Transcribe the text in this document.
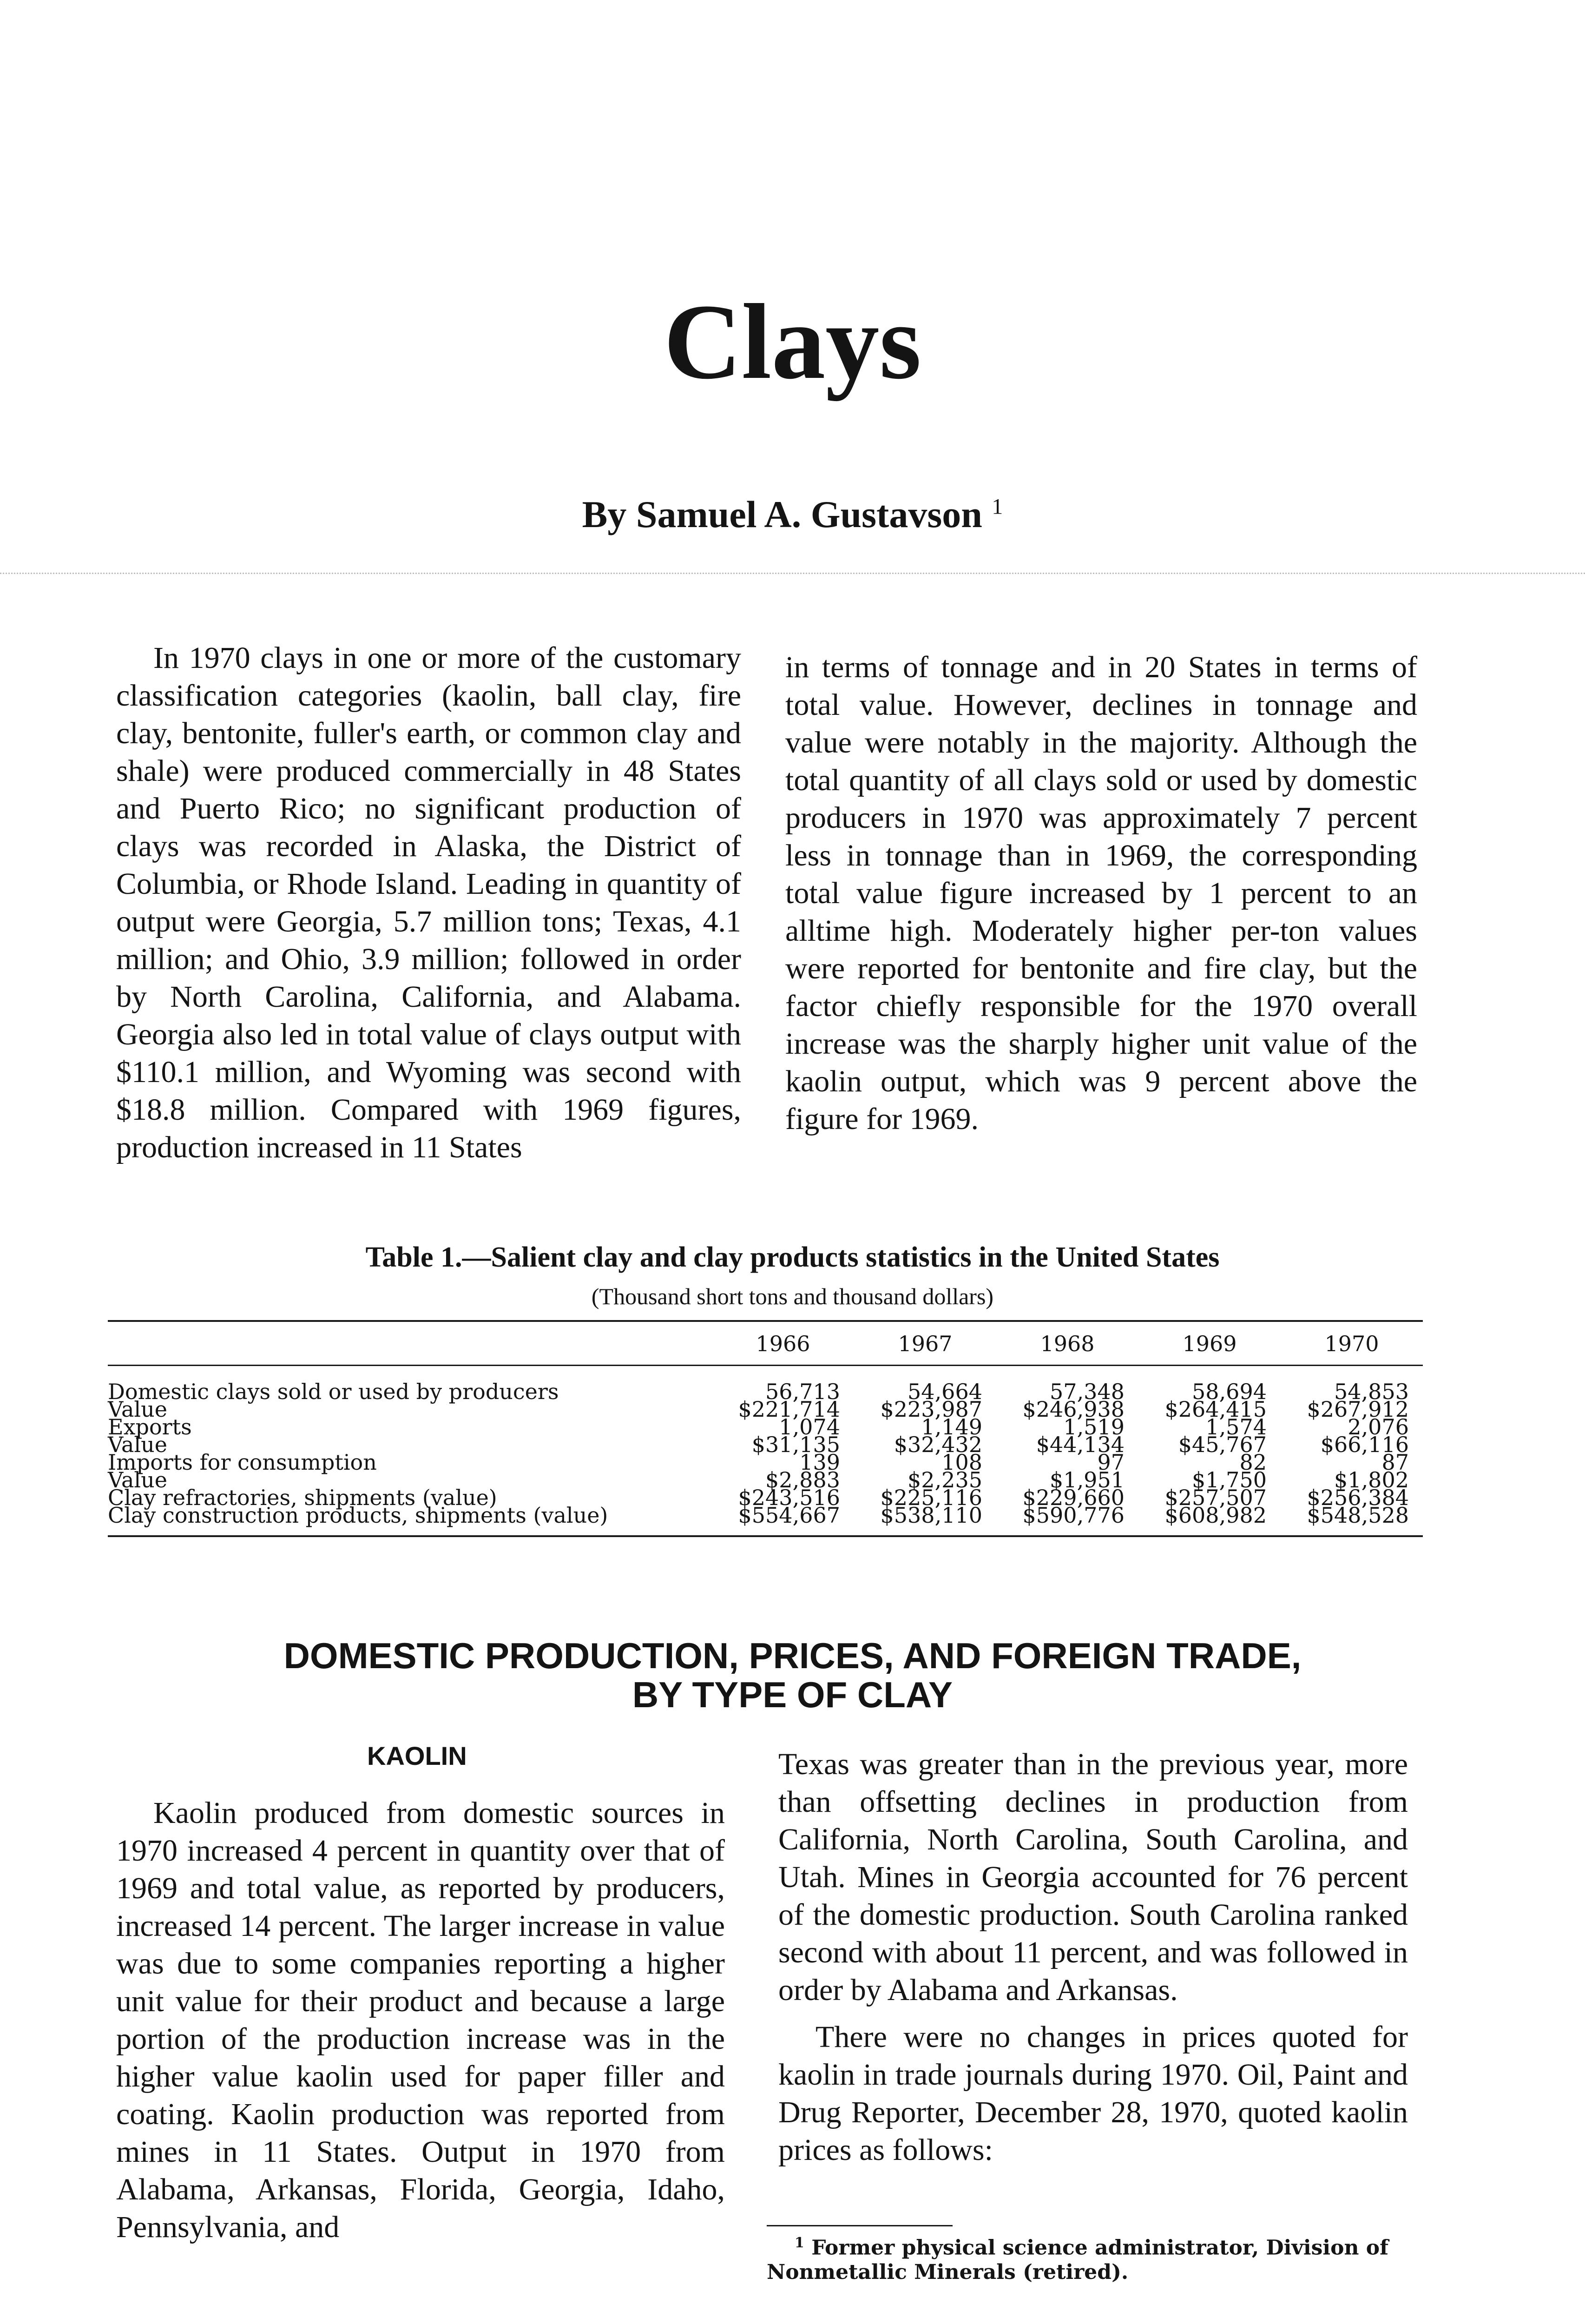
Clays
By Samuel A. Gustavson $^1$

In 1970 clays in one or more of the customary classification categories (kaolin, ball clay, fire clay, bentonite, fuller's earth, or common clay and shale) were produced commercially in 48 States and Puerto Rico; no significant production of clays was recorded in Alaska, the District of Columbia, or Rhode Island. Leading in quantity of output were Georgia, 5.7 million tons; Texas, 4.1 million; and Ohio, 3.9 million; followed in order by North Carolina, California, and Alabama. Georgia also led in total value of clays output with $110.1 million, and Wyoming was second with $18.8 million. Compared with 1969 figures, production increased in 11 States

in terms of tonnage and in 20 States in terms of total value. However, declines in tonnage and value were notably in the majority. Although the total quantity of all clays sold or used by domestic producers in 1970 was approximately 7 percent less in tonnage than in 1969, the corresponding total value figure increased by 1 percent to an alltime high. Moderately higher per-ton values were reported for bentonite and fire clay, but the factor chiefly responsible for the 1970 overall increase was the sharply higher unit value of the kaolin output, which was 9 percent above the figure for 1969.

Table 1.—Salient clay and clay products statistics in the United States
(Thousand short tons and thousand dollars)
	1966	1967	1968	1969	1970
Domestic clays sold or used by producers	56,713	54,664	57,348	58,694	54,853
Value	$221,714	$223,987	$246,938	$264,415	$267,912
Exports	1,074	1,149	1,519	1,574	2,076
Value	$31,135	$32,432	$44,134	$45,767	$66,116
Imports for consumption	139	108	97	82	87
Value	$2,883	$2,235	$1,951	$1,750	$1,802
Clay refractories, shipments (value)	$243,516	$225,116	$229,660	$257,507	$256,384
Clay construction products, shipments (value)	$554,667	$538,110	$590,776	$608,982	$548,528
DOMESTIC PRODUCTION, PRICES, AND FOREIGN TRADE,
BY TYPE OF CLAY
KAOLIN

Kaolin produced from domestic sources in 1970 increased 4 percent in quantity over that of 1969 and total value, as reported by producers, increased 14 percent. The larger increase in value was due to some companies reporting a higher unit value for their product and because a large portion of the production increase was in the higher value kaolin used for paper filler and coating. Kaolin production was reported from mines in 11 States. Output in 1970 from Alabama, Arkansas, Florida, Georgia, Idaho, Pennsylvania, and

Texas was greater than in the previous year, more than offsetting declines in production from California, North Carolina, South Carolina, and Utah. Mines in Georgia accounted for 76 percent of the domestic production. South Carolina ranked second with about 11 percent, and was followed in order by Alabama and Arkansas.

There were no changes in prices quoted for kaolin in trade journals during 1970. Oil, Paint and Drug Reporter, December 28, 1970, quoted kaolin prices as follows:

$^1$ Former physical science administrator, Division of Nonmetallic Minerals (retired).
